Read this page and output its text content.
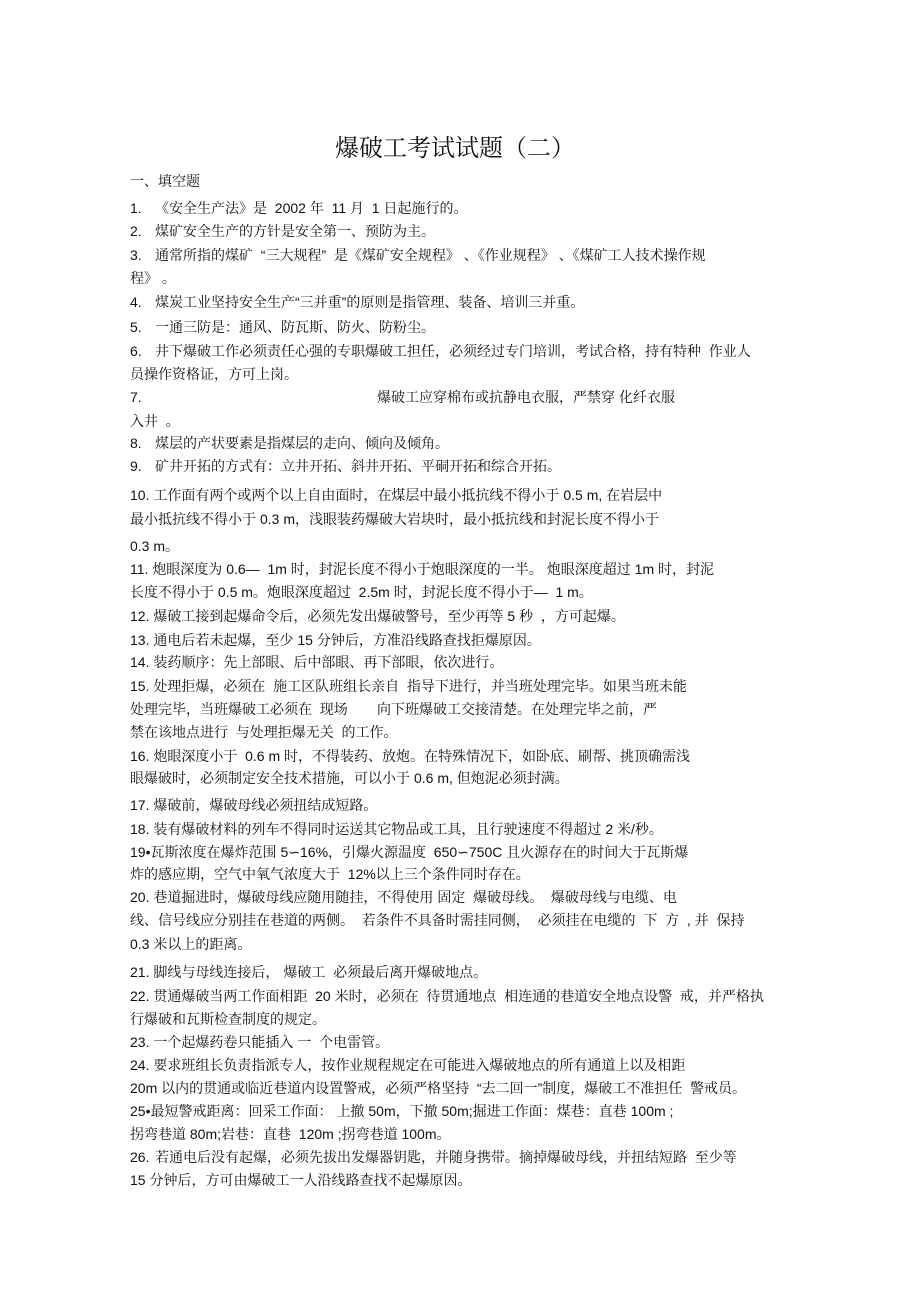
爆破工考试试题（二）
一、填空题
1. 《安全生产法》是  2002 年  11 月  1 日起施行的。
2. 煤矿安全生产的方针是安全第一、预防为主。
3. 通常所指的煤矿  “三大规程”  是《煤矿安全规程》 、《作业规程》 、《煤矿工人技术操作规
程》 。
4. 煤炭工业坚持安全生产“三并重”的原则是指管理、装备、培训三并重。
5. 一通三防是：通风、防瓦斯、防火、防粉尘。
6. 井下爆破工作必须责任心强的专职爆破工担任，必须经过专门培训，考试合格，持有特种  作业人
员操作资格证，方可上岗。
7.	爆破工应穿棉布或抗静电衣服，严禁穿 化纤衣服
入井  。
8. 煤层的产状要素是指煤层的走向、倾向及倾角。
9. 矿井开拓的方式有：立井开拓、斜井开拓、平硐开拓和综合开拓。
10. 工作面有两个或两个以上自由面时，在煤层中最小抵抗线不得小于 0.5 m, 在岩层中
最小抵抗线不得小于 0.3 m，浅眼装药爆破大岩块时，最小抵抗线和封泥长度不得小于
0.3 m。
11. 炮眼深度为 0.6—  1m 时，封泥长度不得小于炮眼深度的一半。 炮眼深度超过 1m 时，封泥
长度不得小于 0.5 m。炮眼深度超过  2.5m 时，封泥长度不得小于—  1 m。
12. 爆破工接到起爆命令后，必须先发出爆破警号，至少再等 5 秒  ，方可起爆。
13. 通电后若未起爆，至少 15 分钟后，方准沿线路查找拒爆原因。
14. 装药顺序：先上部眼、后中部眼、再下部眼，依次进行。
15. 处理拒爆，必须在  施工区队班组长亲自  指导下进行，并当班处理完毕。如果当班未能
处理完毕，当班爆破工必须在  现场 向下班爆破工交接清楚。在处理完毕之前，严
禁在该地点进行  与处理拒爆无关  的工作。
16. 炮眼深度小于  0.6 m 时，不得装药、放炮。在特殊情况下，如卧底、刷帮、挑顶确需浅
眼爆破时，必须制定安全技术措施，可以小于 0.6 m, 但炮泥必须封满。
17. 爆破前，爆破母线必须扭结成短路。
18. 装有爆破材料的列车不得同时运送其它物品或工具，且行驶速度不得超过 2 米/秒。
19•瓦斯浓度在爆炸范围 5∽16%，引爆火源温度  650∽750C 且火源存在的时间大于瓦斯爆
炸的感应期，空气中氧气浓度大于  12%以上三个条件同时存在。
20. 巷道掘进时，爆破母线应随用随挂，不得使用 固定  爆破母线。  爆破母线与电缆、电
线、信号线应分别挂在巷道的两侧。  若条件不具备时需挂同侧，  必须挂在电缆的  下  方  , 并  保持
0.3 米以上的距离。
21. 脚线与母线连接后， 爆破工  必须最后离开爆破地点。
22. 贯通爆破当两工作面相距  20 米时，必须在  待贯通地点  相连通的巷道安全地点设警  戒，并严格执
行爆破和瓦斯检查制度的规定。
23. 一个起爆药卷只能插入 一  个电雷管。
24. 要求班组长负责指派专人，按作业规程规定在可能进入爆破地点的所有通道上以及相距
20m 以内的贯通或临近巷道内设置警戒，必须严格坚持  “去二回一”制度，爆破工不准担任  警戒员。
25•最短警戒距离：回采工作面： 上撤 50m，下撤 50m;掘进工作面：煤巷：直巷 100m ;
拐弯巷道 80m;岩巷：直巷  120m ;拐弯巷道 100m。
26. 若通电后没有起爆，必须先拔出发爆器钥匙，并随身携带。摘掉爆破母线，并扭结短路  至少等
15 分钟后，方可由爆破工一人沿线路查找不起爆原因。
